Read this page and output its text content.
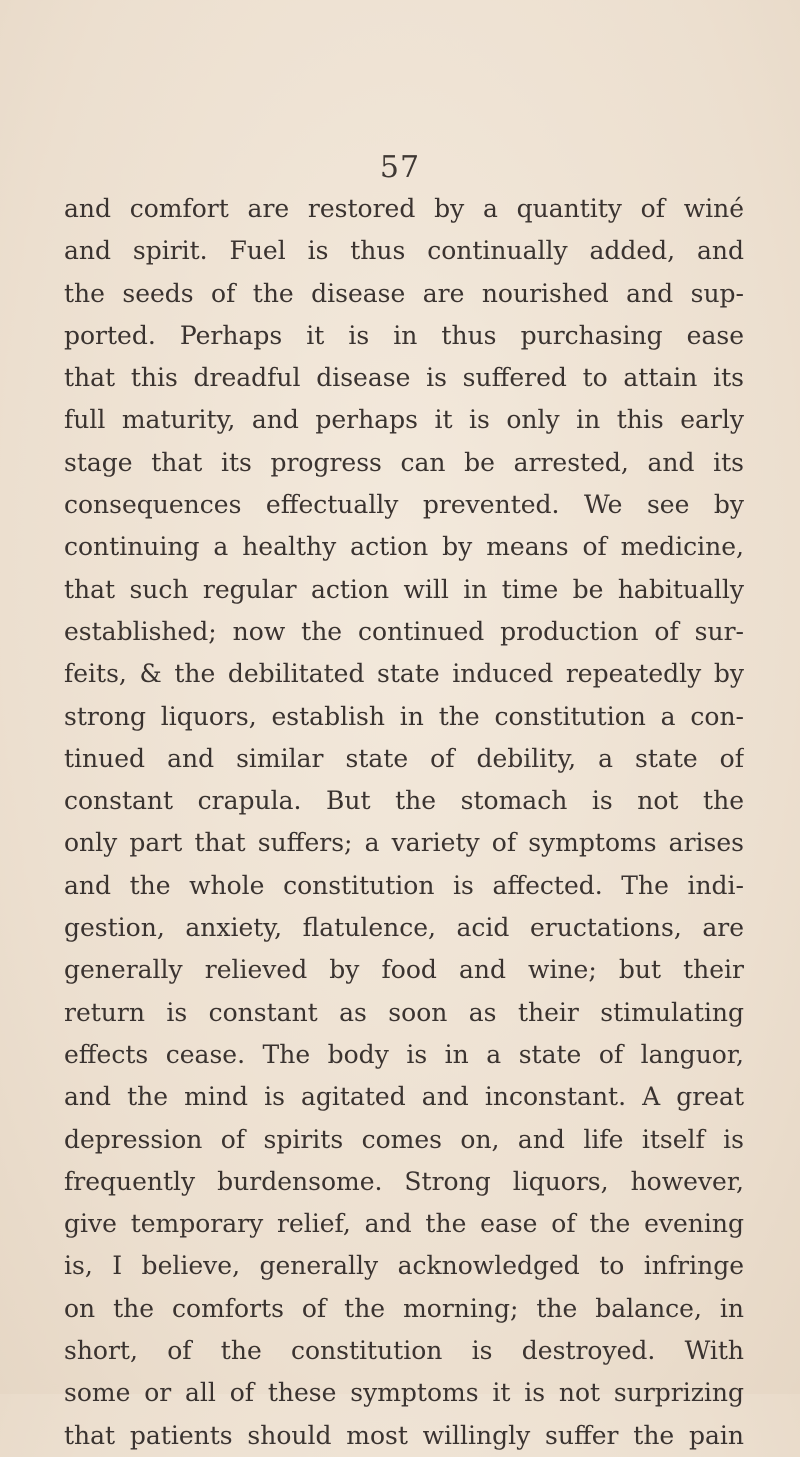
57
and comfort are restored by a quantity of winé
and spirit. Fuel is thus continually added, and
the seeds of the disease are nourished and sup-
ported. Perhaps it is in thus purchasing ease
that this dreadful disease is suffered to attain its
full maturity, and perhaps it is only in this early
stage that its progress can be arrested, and its
consequences effectually prevented. We see by
continuing a healthy action by means of medicine,
that such regular action will in time be habitually
established; now the continued production of sur-
feits, & the debilitated state induced repeatedly by
strong liquors, establish in the constitution a con-
tinued and similar state of debility, a state of
constant crapula. But the stomach is not the
only part that suffers; a variety of symptoms arises
and the whole constitution is affected. The indi-
gestion, anxiety, flatulence, acid eructations, are
generally relieved by food and wine; but their
return is constant as soon as their stimulating
effects cease. The body is in a state of languor,
and the mind is agitated and inconstant. A great
depression of spirits comes on, and life itself is
frequently burdensome. Strong liquors, however,
give temporary relief, and the ease of the evening
is, I believe, generally acknowledged to infringe
on the comforts of the morning; the balance, in
short, of the constitution is destroyed. With
some or all of these symptoms it is not surprizing
that patients should most willingly suffer the pain
